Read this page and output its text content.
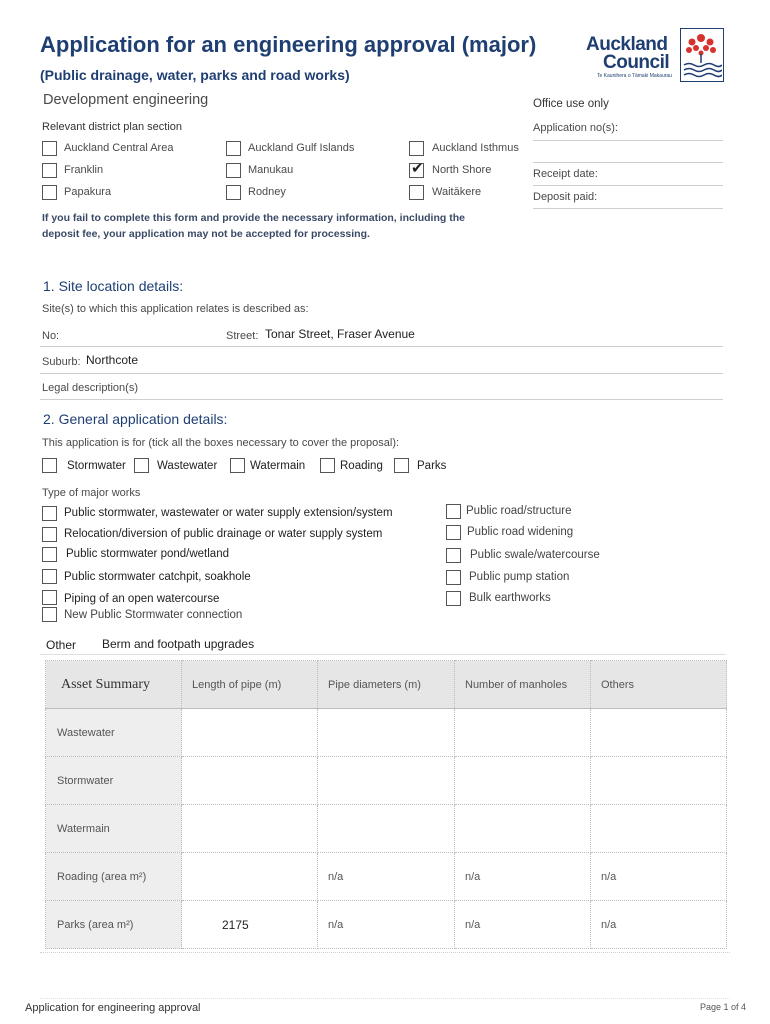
Application for an engineering approval (major)
(Public drainage, water, parks and road works)
Development engineering
Auckland
Council
Te Kaunihera o Tāmaki Makaurau
Office use only
Application no(s):
Receipt date:
Deposit paid:
Relevant district plan section
Auckland Central Area	Auckland Gulf Islands	Auckland Isthmus
Franklin	Manukau	✔ North Shore
Papakura	Rodney	Waitākere
If you fail to complete this form and provide the necessary information, including the deposit fee, your application may not be accepted for processing.
1. Site location details:
Site(s) to which this application relates is described as:
No:	Street: Tonar Street, Fraser Avenue
Suburb: Northcote
Legal description(s)
2. General application details:
This application is for (tick all the boxes necessary to cover the proposal):
Stormwater	Wastewater	Watermain	Roading	Parks
Type of major works
Public stormwater, wastewater or water supply extension/system
Relocation/diversion of public drainage or water supply system
Public stormwater pond/wetland
Public stormwater catchpit, soakhole
Piping of an open watercourse
New Public Stormwater connection
Public road/structure
Public road widening
Public swale/watercourse
Public pump station
Bulk earthworks
Other Berm and footpath upgrades
Asset Summary	Length of pipe (m)	Pipe diameters (m)	Number of manholes	Others
Wastewater				
Stormwater				
Watermain				
Roading (area m²)		n/a	n/a	n/a
Parks (area m²)	2175	n/a	n/a	n/a
Application for engineering approval	Page 1 of 4
